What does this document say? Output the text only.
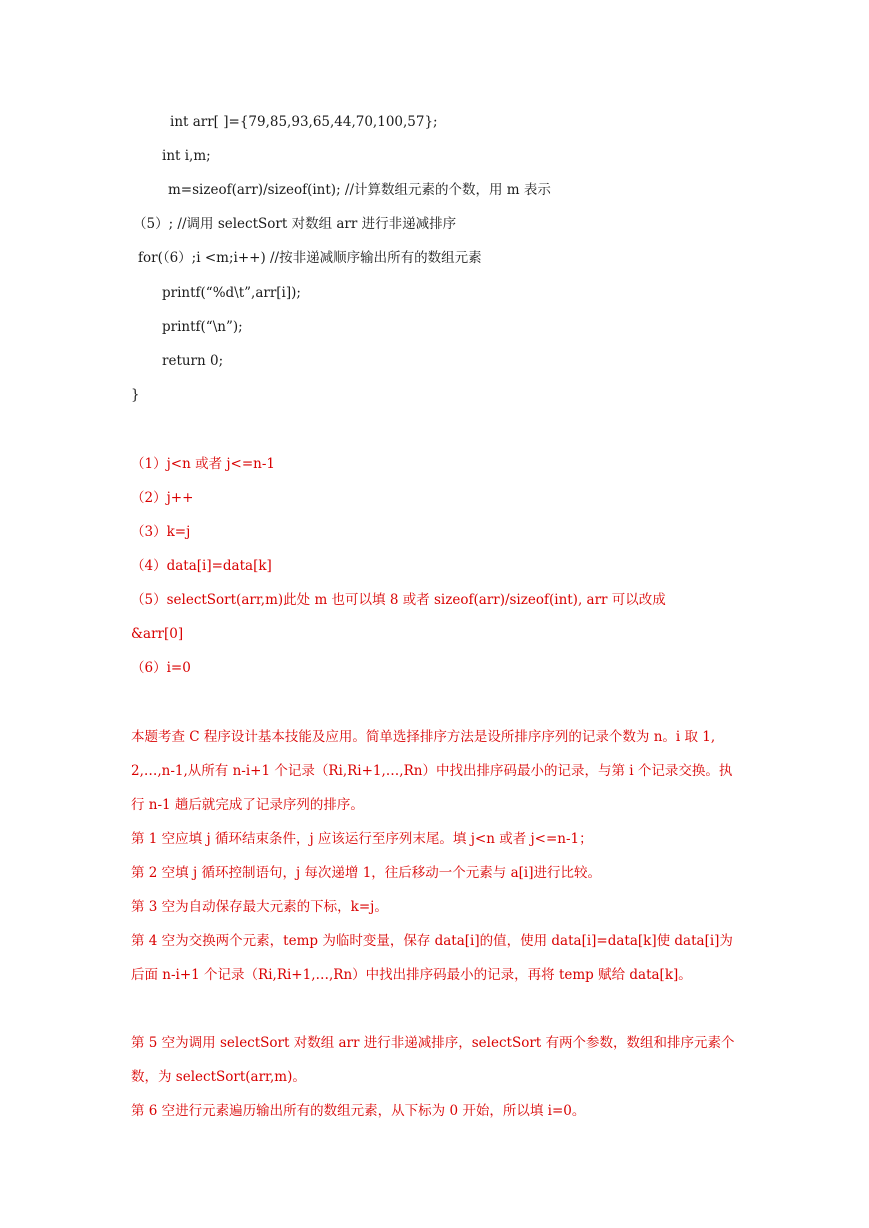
int arr[ ]={79,85,93,65,44,70,100,57};
int i,m;
m=sizeof(arr)/sizeof(int); //计算数组元素的个数，用 m 表示
（5）; //调用 selectSort 对数组 arr 进行非递减排序
for(（6）;i <m;i++) //按非递减顺序输出所有的数组元素
printf(“%d\t”,arr[i]);
printf(“\n”);
return 0;
}
（1）j<n 或者 j<=n-1
（2）j++
（3）k=j
（4）data[i]=data[k]
（5）selectSort(arr,m)此处 m 也可以填 8 或者 sizeof(arr)/sizeof(int), arr 可以改成
&arr[0]
（6）i=0
本题考查 C 程序设计基本技能及应用。简单选择排序方法是设所排序序列的记录个数为 n。i 取 1,2,…,n-1,从所有 n-i+1 个记录（Ri,Ri+1,…,Rn）中找出排序码最小的记录，与第 i 个记录交换。执行 n-1 趟后就完成了记录序列的排序。
第 1 空应填 j 循环结束条件，j 应该运行至序列末尾。填 j<n 或者 j<=n-1；
第 2 空填 j 循环控制语句，j 每次递增 1，往后移动一个元素与 a[i]进行比较。
第 3 空为自动保存最大元素的下标，k=j。
第 4 空为交换两个元素，temp 为临时变量，保存 data[i]的值，使用 data[i]=data[k]使 data[i]为后面 n-i+1 个记录（Ri,Ri+1,…,Rn）中找出排序码最小的记录，再将 temp 赋给 data[k]。
第 5 空为调用 selectSort 对数组 arr 进行非递减排序，selectSort 有两个参数，数组和排序元素个数，为 selectSort(arr,m)。
第 6 空进行元素遍历输出所有的数组元素，从下标为 0 开始，所以填 i=0。
